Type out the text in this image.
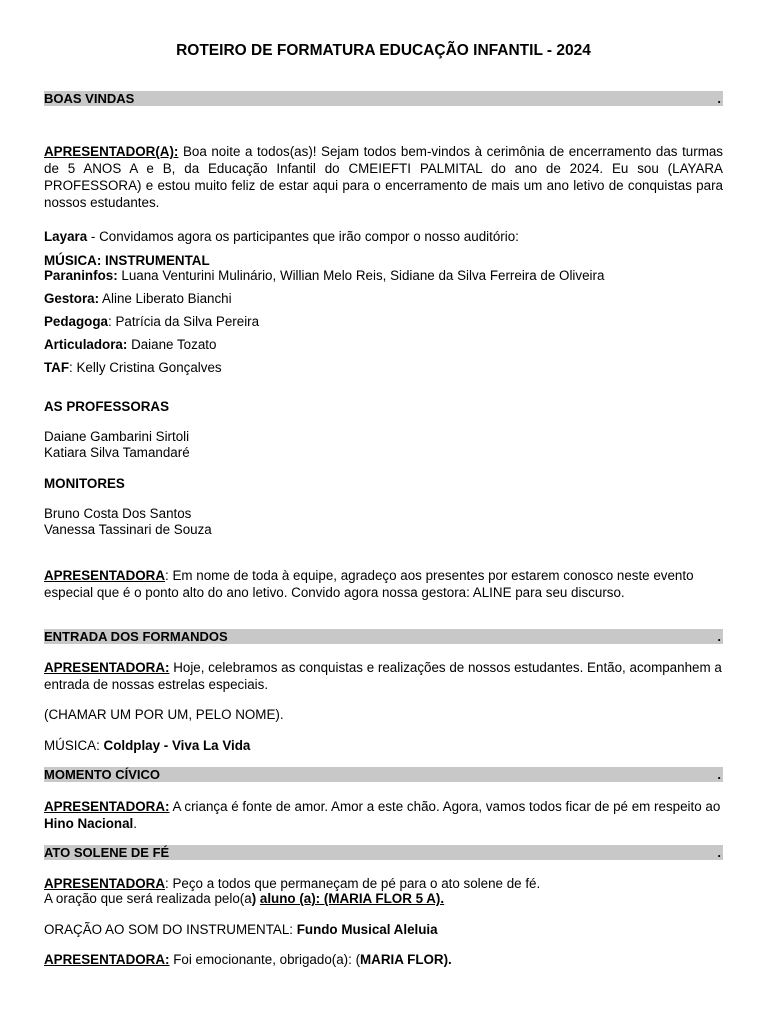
ROTEIRO DE FORMATURA EDUCAÇÃO INFANTIL - 2024
BOAS VINDAS	.

APRESENTADOR(A): Boa noite a todos(as)! Sejam todos bem-vindos à cerimônia de encerramento das turmas de 5 ANOS A e B, da Educação Infantil do CMEIEFTI PALMITAL do ano de 2024. Eu sou (LAYARA PROFESSORA) e estou muito feliz de estar aqui para o encerramento de mais um ano letivo de conquistas para nossos estudantes.

Layara - Convidamos agora os participantes que irão compor o nosso auditório:

MÚSICA: INSTRUMENTAL

Paraninfos: Luana Venturini Mulinário, Willian Melo Reis, Sidiane da Silva Ferreira de Oliveira

Gestora: Aline Liberato Bianchi

Pedagoga: Patrícia da Silva Pereira

Articuladora: Daiane Tozato

TAF: Kelly Cristina Gonçalves

AS PROFESSORAS

Daiane Gambarini Sirtoli

Katiara Silva Tamandaré

MONITORES

Bruno Costa Dos Santos

Vanessa Tassinari de Souza

APRESENTADORA: Em nome de toda à equipe, agradeço aos presentes por estarem conosco neste evento especial que é o ponto alto do ano letivo. Convido agora nossa gestora: ALINE para seu discurso.

ENTRADA DOS FORMANDOS	.

APRESENTADORA: Hoje, celebramos as conquistas e realizações de nossos estudantes. Então, acompanhem a entrada de nossas estrelas especiais.

(CHAMAR UM POR UM, PELO NOME).

MÚSICA: Coldplay - Viva La Vida

MOMENTO CÍVICO	.

APRESENTADORA: A criança é fonte de amor. Amor a este chão. Agora, vamos todos ficar de pé em respeito ao Hino Nacional.

ATO SOLENE DE FÉ	.

APRESENTADORA: Peço a todos que permaneçam de pé para o ato solene de fé.

A oração que será realizada pelo(a) aluno (a): (MARIA FLOR 5 A).

ORAÇÃO AO SOM DO INSTRUMENTAL: Fundo Musical Aleluia

APRESENTADORA: Foi emocionante, obrigado(a): (MARIA FLOR).
